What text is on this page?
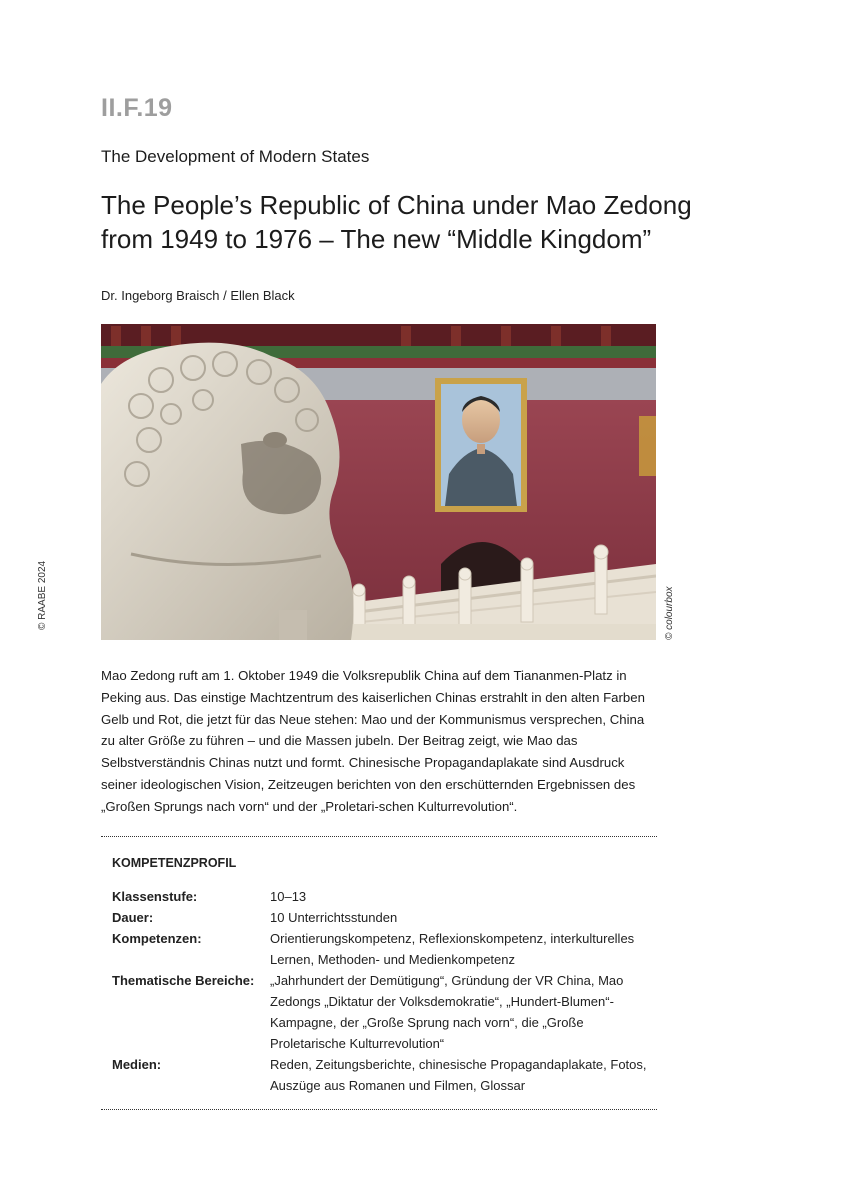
II.F.19
The Development of Modern States
The People’s Republic of China under Mao Zedong
from 1949 to 1976 – The new “Middle Kingdom”
Dr. Ingeborg Braisch / Ellen Black
© RAABE 2024	© colourbox
Mao Zedong ruft am 1. Oktober 1949 die Volksrepublik China auf dem Tiananmen-Platz in Peking aus. Das einstige Machtzentrum des kaiserlichen Chinas erstrahlt in den alten Farben Gelb und Rot, die jetzt für das Neue stehen: Mao und der Kommunismus versprechen, China zu alter Größe zu führen – und die Massen jubeln. Der Beitrag zeigt, wie Mao das Selbstverständnis Chinas nutzt und formt. Chinesische Propagandaplakate sind Ausdruck seiner ideologischen Vision, Zeitzeugen berichten von den erschütternden Ergebnissen des „Großen Sprungs nach vorn“ und der „Proletari-schen Kulturrevolution“.
KOMPETENZPROFIL
Klassenstufe:	10–13
Dauer:	10 Unterrichtsstunden
Kompetenzen:	Orientierungskompetenz, Reflexionskompetenz, interkulturelles Lernen, Methoden- und Medienkompetenz
Thematische Bereiche:	„Jahrhundert der Demütigung“, Gründung der VR China, Mao Zedongs „Diktatur der Volksdemokratie“, „Hundert-Blumen“-Kampagne, der „Große Sprung nach vorn“, die „Große Proletarische Kulturrevolution“
Medien:	Reden, Zeitungsberichte, chinesische Propagandaplakate, Fotos, Auszüge aus Romanen und Filmen, Glossar
